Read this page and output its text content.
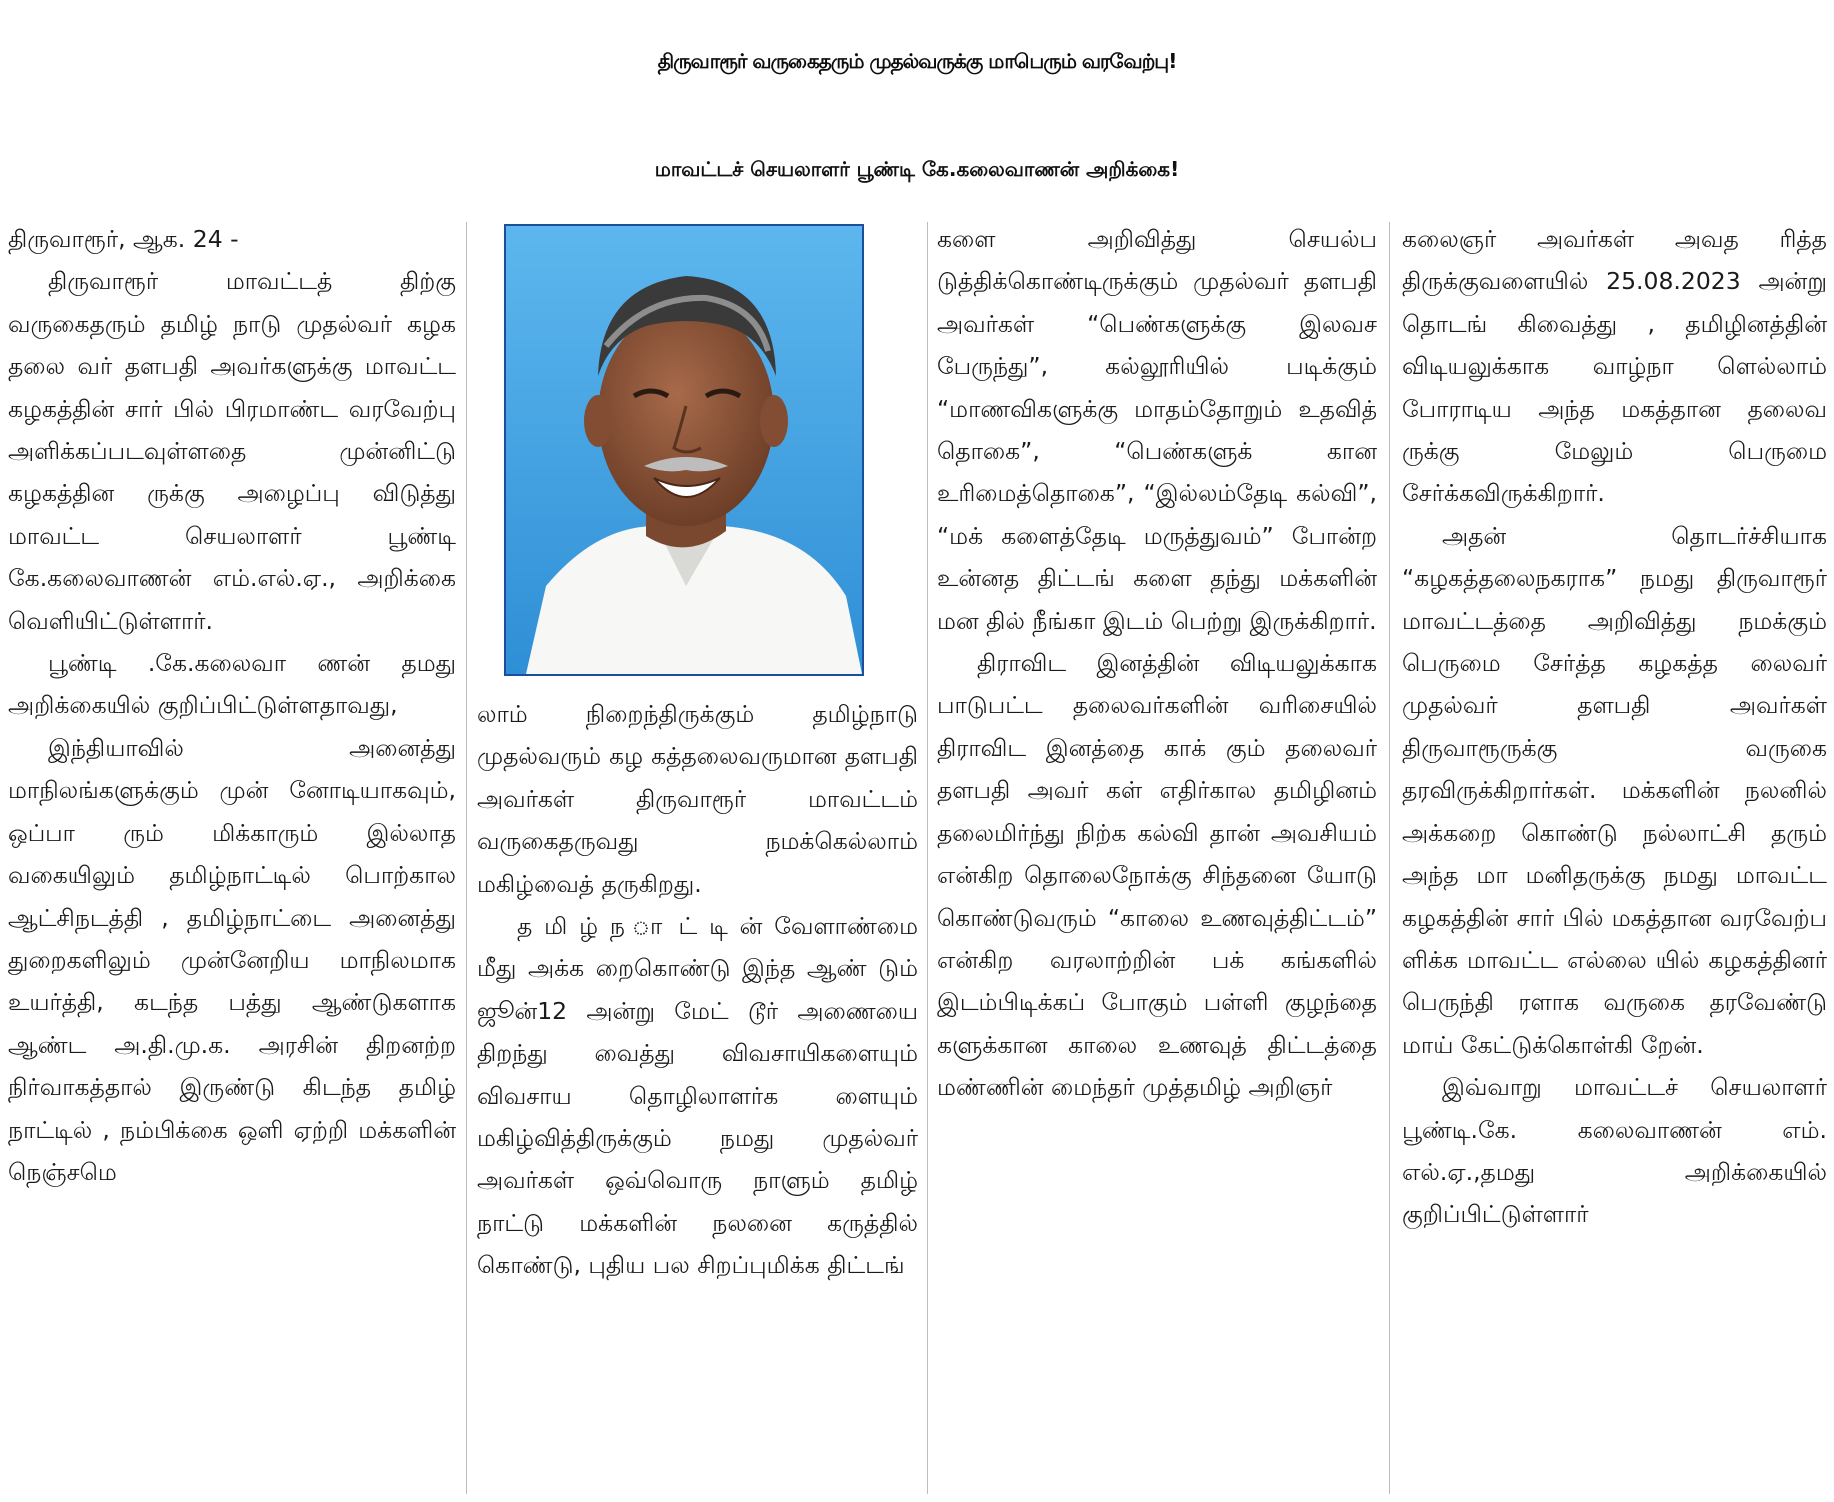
திருவாரூர் வருகைதரும் முதல்வருக்கு மாபெரும் வரவேற்பு!
மாவட்டச் செயலாளர் பூண்டி கே.கலைவாணன் அறிக்கை!

திருவாரூர், ஆக. 24 -

திருவாரூர் மாவட்டத் திற்கு வருகைதரும் தமிழ் நாடு முதல்வர் கழக தலை வர் தளபதி அவர்களுக்கு மாவட்ட கழகத்தின் சார் பில் பிரமாண்ட வரவேற்பு அளிக்கப்படவுள்ளதை முன்னிட்டு கழகத்தின ருக்கு அழைப்பு விடுத்து மாவட்ட செயலாளர் பூண்டி கே.கலைவாணன் எம்.எல்.ஏ., அறிக்கை வெளியிட்டுள்ளார்.

பூண்டி .கே.கலைவா ணன் தமது அறிக்கையில் குறிப்பிட்டுள்ளதாவது,

இந்தியாவில் அனைத்து மாநிலங்களுக்கும் முன் னோடியாகவும், ஒப்பா ரும் மிக்காரும் இல்லாத வகையிலும் தமிழ்நாட்டில் பொற்கால ஆட்சிநடத்தி , தமிழ்நாட்டை அனைத்து துறைகளிலும் முன்னேறிய மாநிலமாக உயர்த்தி, கடந்த பத்து ஆண்டுகளாக ஆண்ட அ.தி.மு.க. அரசின் திறனற்ற நிர்வாகத்தால் இருண்டு கிடந்த தமிழ் நாட்டில் , நம்பிக்கை ஒளி ஏற்றி மக்களின் நெஞ்சமெ

லாம் நிறைந்திருக்கும் தமிழ்நாடு முதல்வரும் கழ கத்தலைவருமான தளபதி அவர்கள் திருவாரூர் மாவட்டம் வருகைதருவது நமக்கெல்லாம் மகிழ்வைத் தருகிறது.

த மி ழ் ந ா ட் டி ன் வேளாண்மை மீது அக்க றைகொண்டு இந்த ஆண் டும் ஜூன்12 அன்று மேட் டூர் அணையை திறந்து வைத்து விவசாயிகளையும் விவசாய தொழிலாளர்க ளையும் மகிழ்வித்திருக்கும் நமது முதல்வர் அவர்கள் ஒவ்வொரு நாளும் தமிழ் நாட்டு மக்களின் நலனை கருத்தில் கொண்டு, புதிய பல சிறப்புமிக்க திட்டங்

களை அறிவித்து செயல்ப டுத்திக்கொண்டிருக்கும் முதல்வர் தளபதி அவர்கள் “பெண்களுக்கு இலவச பேருந்து”, கல்லூரியில் படிக்கும் “மாணவிகளுக்கு மாதம்தோறும் உதவித் தொகை”, “பெண்களுக் கான உரிமைத்தொகை”, “இல்லம்தேடி கல்வி”, “மக் களைத்தேடி மருத்துவம்” போன்ற உன்னத திட்டங் களை தந்து மக்களின் மன தில் நீங்கா இடம் பெற்று இருக்கிறார்.

திராவிட இனத்தின் விடியலுக்காக பாடுபட்ட தலைவர்களின் வரிசையில் திராவிட இனத்தை காக் கும் தலைவர் தளபதி அவர் கள் எதிர்கால தமிழினம் தலைமிர்ந்து நிற்க கல்வி தான் அவசியம் என்கிற தொலைநோக்கு சிந்தனை யோடு கொண்டுவரும் “காலை உணவுத்திட்டம்” என்கிற வரலாற்றின் பக் கங்களில் இடம்பிடிக்கப் போகும் பள்ளி குழந்தை களுக்கான காலை உணவுத் திட்டத்தை மண்ணின் மைந்தர் முத்தமிழ் அறிஞர்

கலைஞர் அவர்கள் அவத ரித்த திருக்குவளையில் 25.08.2023 அன்று தொடங் கிவைத்து , தமிழினத்தின் விடியலுக்காக வாழ்நா ளெல்லாம் போராடிய அந்த மகத்தான தலைவ ருக்கு மேலும் பெருமை சேர்க்கவிருக்கிறார்.

அதன் தொடர்ச்சியாக “கழகத்தலைநகராக” நமது திருவாரூர் மாவட்டத்தை அறிவித்து நமக்கும் பெருமை சேர்த்த கழகத்த லைவர் முதல்வர் தளபதி அவர்கள் திருவாரூருக்கு வருகை தரவிருக்கிறார்கள். மக்களின் நலனில் அக்கறை கொண்டு நல்லாட்சி தரும் அந்த மா மனிதருக்கு நமது மாவட்ட கழகத்தின் சார் பில் மகத்தான வரவேற்ப ளிக்க மாவட்ட எல்லை யில் கழகத்தினர் பெருந்தி ரளாக வருகை தரவேண்டு மாய் கேட்டுக்கொள்கி றேன்.

இவ்வாறு மாவட்டச் செயலாளர் பூண்டி.கே. கலைவாணன் எம். எல்.ஏ.,தமது அறிக்கையில் குறிப்பிட்டுள்ளார்
